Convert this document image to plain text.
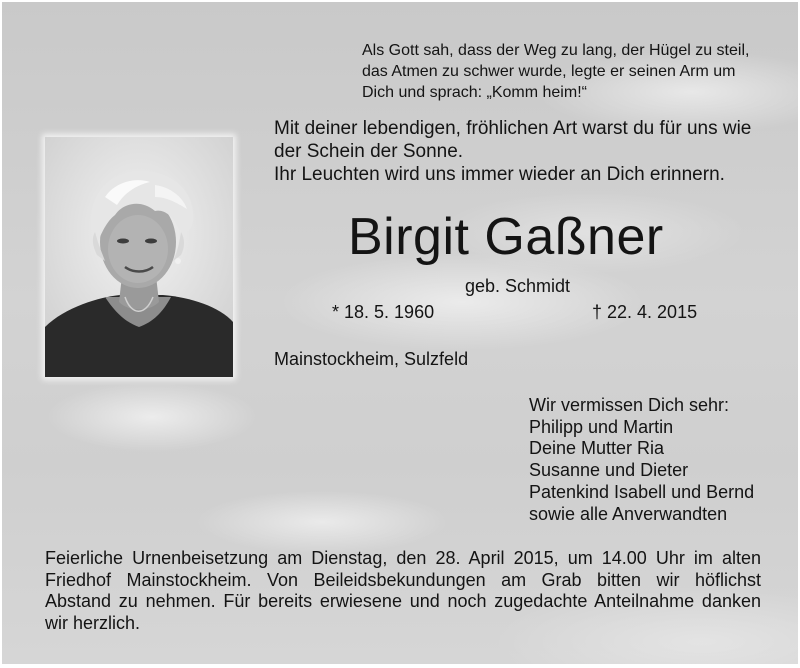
Als Gott sah, dass der Weg zu lang, der Hügel zu steil,
das Atmen zu schwer wurde, legte er seinen Arm um
Dich und sprach: „Komm heim!“
Mit deiner lebendigen, fröhlichen Art warst du für uns wie
der Schein der Sonne.
Ihr Leuchten wird uns immer wieder an Dich erinnern.
Birgit Gaßner
geb. Schmidt
* 18. 5. 1960	† 22. 4. 2015
Mainstockheim, Sulzfeld
Wir vermissen Dich sehr:
Philipp und Martin
Deine Mutter Ria
Susanne und Dieter
Patenkind Isabell und Bernd
sowie alle Anverwandten
Feierliche Urnenbeisetzung am Dienstag, den 28. April 2015, um 14.00 Uhr im alten
Friedhof Mainstockheim. Von Beileidsbekundungen am Grab bitten wir höflichst
Abstand zu nehmen. Für bereits erwiesene und noch zugedachte Anteilnahme danken
wir herzlich.
